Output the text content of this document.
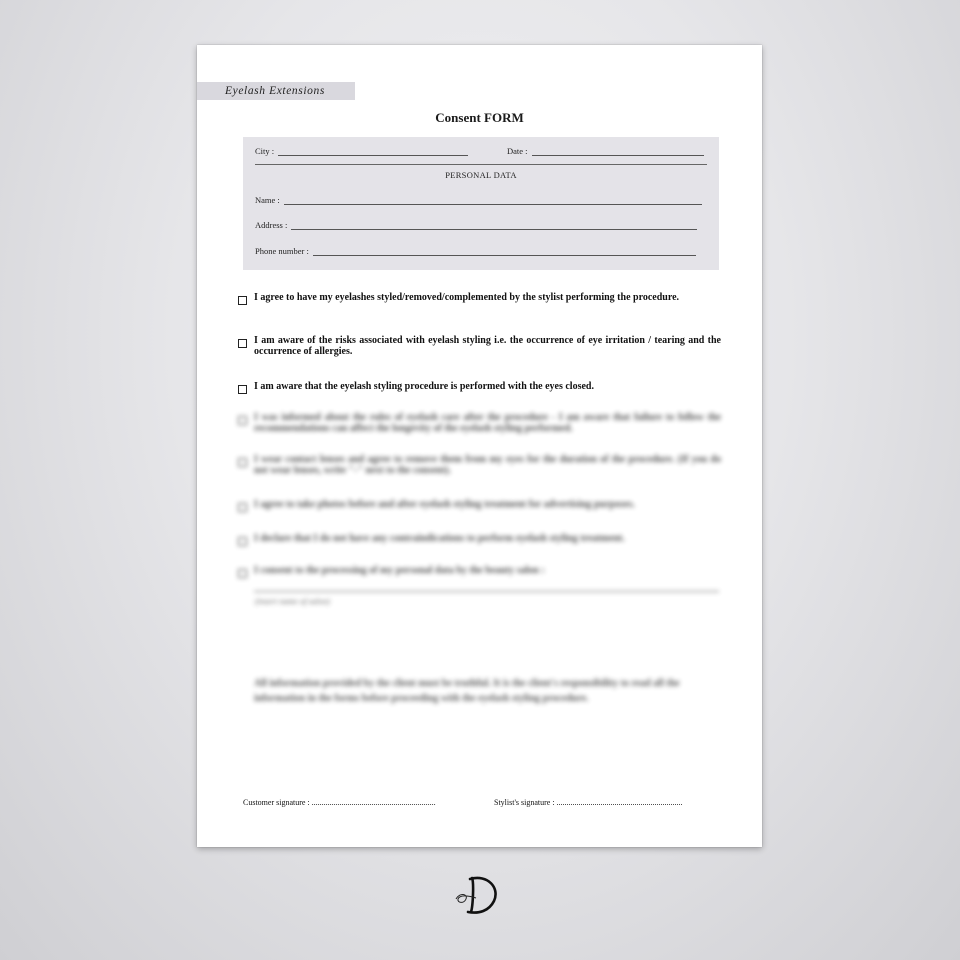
Eyelash Extensions
Consent FORM
City :	Date :
PERSONAL DATA
Name :
Address :
Phone number :
I agree to have my eyelashes styled/removed/complemented by the stylist performing the procedure.
I am aware of the risks associated with eyelash styling i.e. the occurrence of eye irritation / tearing and the occurrence of allergies.
I am aware that the eyelash styling procedure is performed with the eyes closed.
I was informed about the rules of eyelash care after the procedure - I am aware that failure to follow the recommendations can affect the longevity of the eyelash styling performed.
I wear contact lenses and agree to remove them from my eyes for the duration of the procedure. (If you do not wear lenses, write "-" next to the consent).
I agree to take photos before and after eyelash styling treatment for advertising purposes.
I declare that I do not have any contraindications to perform eyelash styling treatment.
I consent to the processing of my personal data by the beauty salon :
(insert name of salon)
All information provided by the client must be truthful. It is the client's responsibility to read all the information in the forms before proceeding with the eyelash styling procedure.
Customer signature : ..............................................................	Stylist's signature : ...............................................................
